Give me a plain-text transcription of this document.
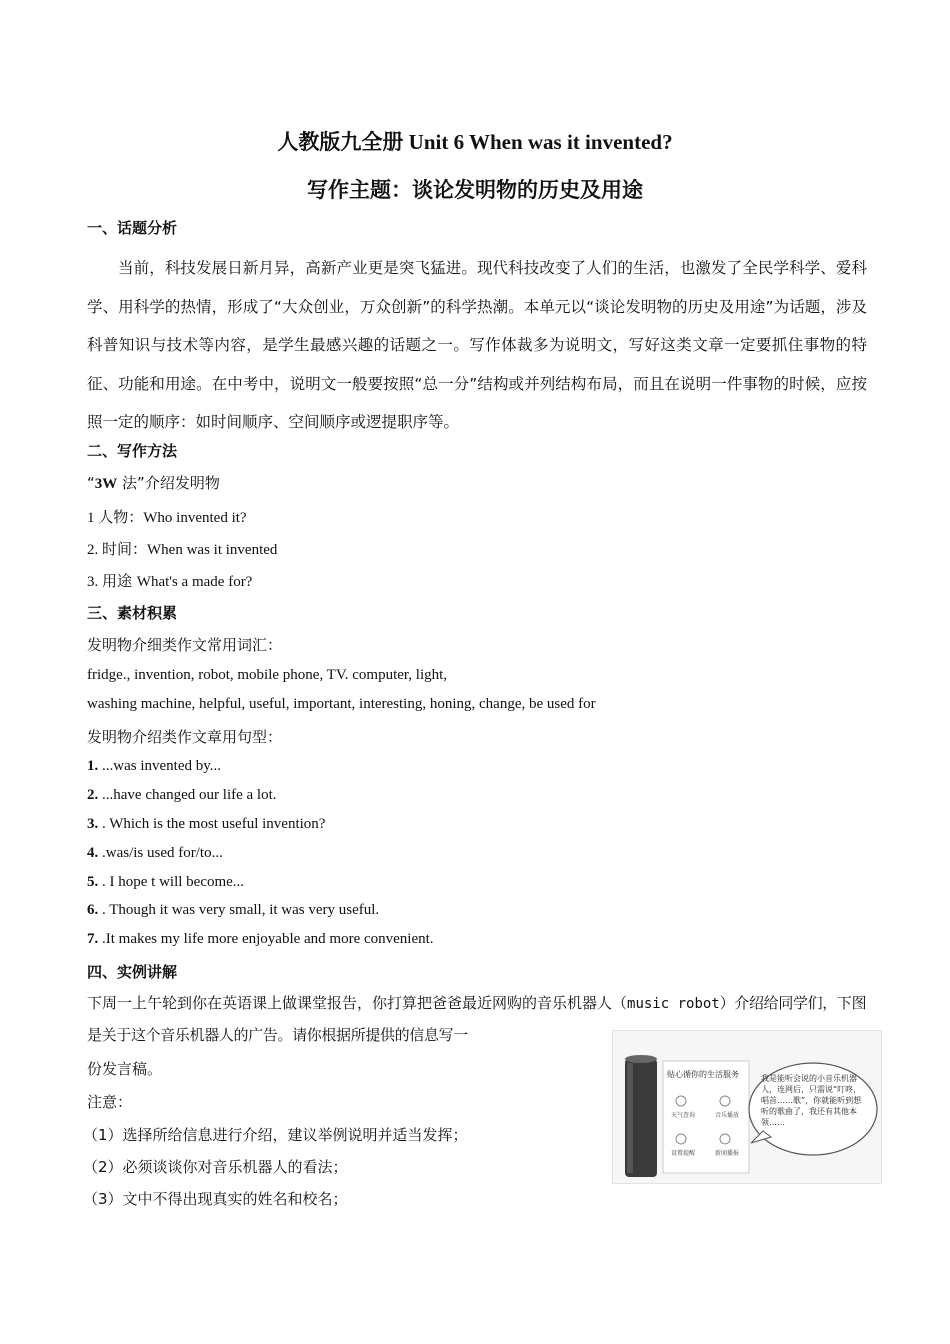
人教版九全册 Unit 6 When was it invented?
写作主题：谈论发明物的历史及用途
一、话题分析
当前，科技发展日新月异，高新产业更是突飞猛进。现代科技改变了人们的生活，也激发了全民学科学、爱科学、用科学的热情，形成了“大众创业，万众创新”的科学热潮。本单元以“谈论发明物的历史及用途”为话题，涉及科普知识与技术等内容，是学生最感兴趣的话题之一。写作体裁多为说明文，写好这类文章一定要抓住事物的特征、功能和用途。在中考中，说明文一般要按照“总一分”结构或并列结构布局，而且在说明一件事物的时候，应按照一定的顺序：如时间顺序、空间顺序或逻提职序等。
二、写作方法
“3W 法”介绍发明物
1 人物：Who invented it?
2. 时间：When was it invented
3. 用途 What's a made for?
三、素材积累
发明物介细类作文常用词汇：
fridge., invention, robot, mobile phone, TV. computer, light,
washing machine, helpful, useful, important, interesting, honing, change, be used for
发明物介绍类作文章用句型：
1. ...was invented by...
2. ...have changed our life a lot.
3. . Which is the most useful invention?
4. .was/is used for/to...
5. . I hope t will become...
6. . Though it was very small, it was very useful.
7. .It makes my life more enjoyable and more convenient.
四、实例讲解
下周一上午轮到你在英语课上做课堂报告，你打算把爸爸最近网购的音乐机器人（music robot）介绍给同学们，下图是关于这个音乐机器人的广告。请你根据所提供的信息写一
份发言稿。
注意：
（1）选择所给信息进行介绍，建议举例说明并适当发挥；
（2）必须谈谈你对音乐机器人的看法；
（3）文中不得出现真实的姓名和校名；
贴心循你的生活服务
天气查询	音乐播放
设置提醒	新闻播报
我是能听会说的小音乐机器人，连网后，只需说“叮咚，唱首……歌”，你就能听到想听的歌曲了，我还有其他本领……
